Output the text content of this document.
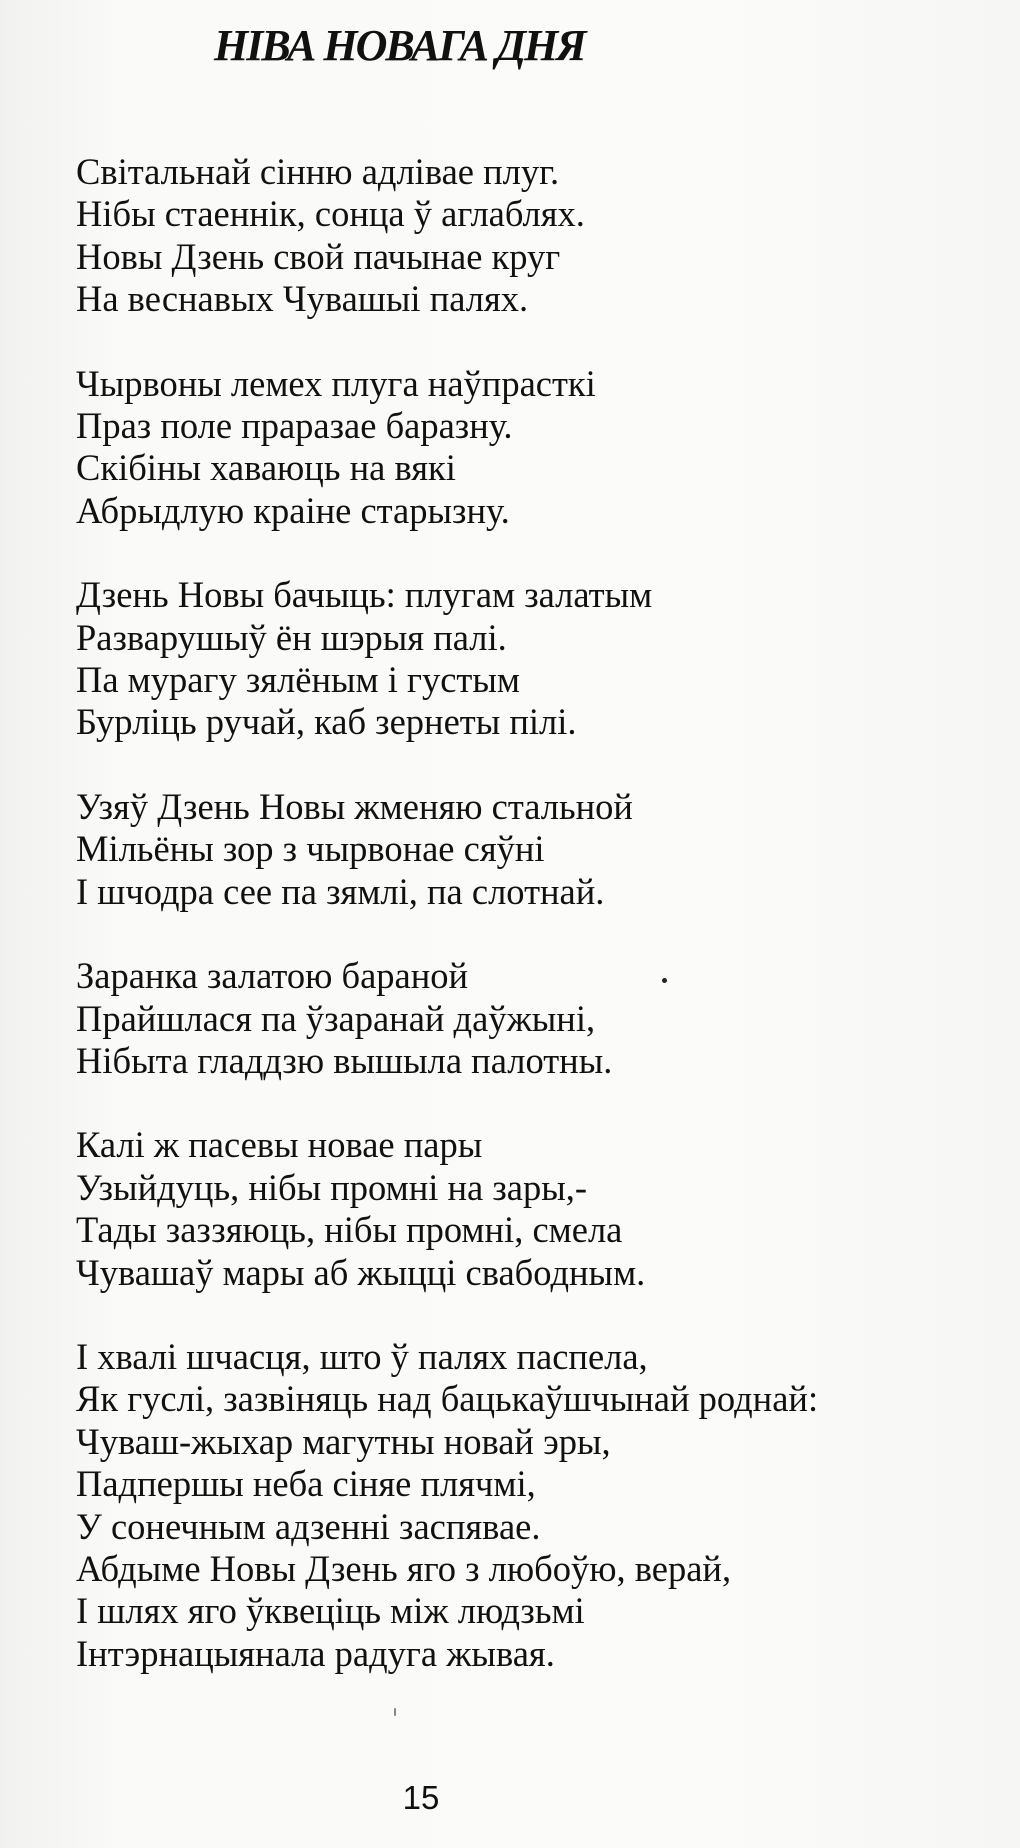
НІВА НОВАГА ДНЯ
Світальнай сінню адлівае плуг.
Нібы стаеннік, сонца ў аглаблях.
Новы Дзень свой пачынае круг
На веснавых Чувашыі палях.
Чырвоны лемех плуга наўпрасткі
Праз поле праразае баразну.
Скібіны хаваюць на вякі
Абрыдлую краіне старызну.
Дзень Новы бачыць: плугам залатым
Разварушыў ён шэрыя палі.
Па мурагу зялёным і густым
Бурліць ручай, каб зернеты пілі.
Узяў Дзень Новы жменяю стальной
Мільёны зор з чырвонае сяўні
І шчодра сее па зямлі, па слотнай.
Заранка залатою бараной
Прайшлася па ўзаранай даўжыні,
Нібыта гладдзю вышыла палотны.
Калі ж пасевы новае пары
Узыйдуць, нібы промні на зары,-
Тады заззяюць, нібы промні, смела
Чувашаў мары аб жыцці свабодным.
І хвалі шчасця, што ў палях паспела,
Як гуслі, зазвіняць над бацькаўшчынай роднай:
Чуваш-жыхар магутны новай эры,
Падпершы неба сіняе плячмі,
У сонечным адзенні заспявае.
Абдыме Новы Дзень яго з любоўю, верай,
І шлях яго ўквеціць між людзьмі
Інтэрнацыянала радуга жывая.
15
